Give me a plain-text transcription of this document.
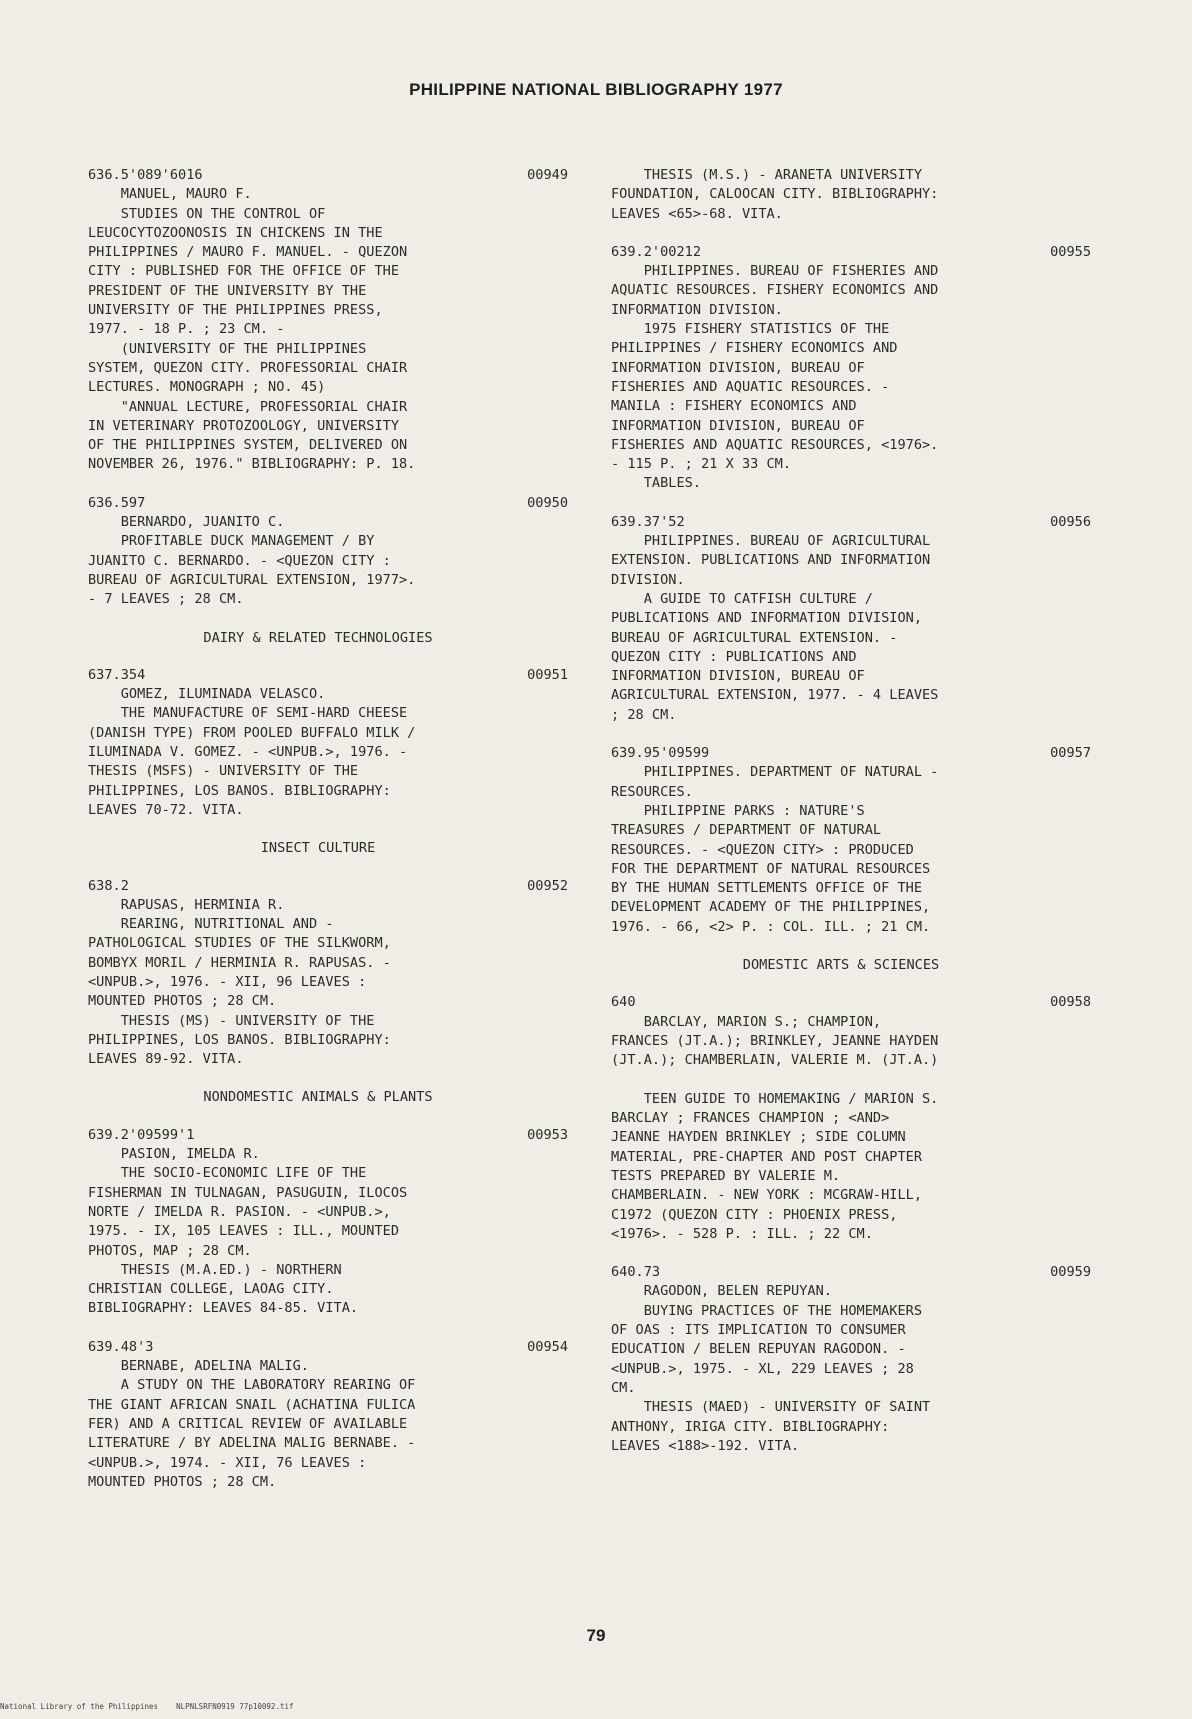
PHILIPPINE NATIONAL BIBLIOGRAPHY 1977
636.5'089'6016	00949
MANUEL, MAURO F.
STUDIES ON THE CONTROL OF
LEUCOCYTOZOONOSIS IN CHICKENS IN THE
PHILIPPINES / MAURO F. MANUEL. - QUEZON
CITY : PUBLISHED FOR THE OFFICE OF THE
PRESIDENT OF THE UNIVERSITY BY THE
UNIVERSITY OF THE PHILIPPINES PRESS,
1977. - 18 P. ; 23 CM. -
(UNIVERSITY OF THE PHILIPPINES
SYSTEM, QUEZON CITY. PROFESSORIAL CHAIR
LECTURES. MONOGRAPH ; NO. 45)
"ANNUAL LECTURE, PROFESSORIAL CHAIR
IN VETERINARY PROTOZOOLOGY, UNIVERSITY
OF THE PHILIPPINES SYSTEM, DELIVERED ON
NOVEMBER 26, 1976." BIBLIOGRAPHY: P. 18.
636.597	00950
BERNARDO, JUANITO C.
PROFITABLE DUCK MANAGEMENT / BY
JUANITO C. BERNARDO. - <QUEZON CITY :
BUREAU OF AGRICULTURAL EXTENSION, 1977>.
- 7 LEAVES ; 28 CM.
DAIRY & RELATED TECHNOLOGIES
637.354	00951
GOMEZ, ILUMINADA VELASCO.
THE MANUFACTURE OF SEMI-HARD CHEESE
(DANISH TYPE) FROM POOLED BUFFALO MILK /
ILUMINADA V. GOMEZ. - <UNPUB.>, 1976. -
THESIS (MSFS) - UNIVERSITY OF THE
PHILIPPINES, LOS BANOS. BIBLIOGRAPHY:
LEAVES 70-72. VITA.
INSECT CULTURE
638.2	00952
RAPUSAS, HERMINIA R.
REARING, NUTRITIONAL AND -
PATHOLOGICAL STUDIES OF THE SILKWORM,
BOMBYX MORIL / HERMINIA R. RAPUSAS. -
<UNPUB.>, 1976. - XII, 96 LEAVES :
MOUNTED PHOTOS ; 28 CM.
THESIS (MS) - UNIVERSITY OF THE
PHILIPPINES, LOS BANOS. BIBLIOGRAPHY:
LEAVES 89-92. VITA.
NONDOMESTIC ANIMALS & PLANTS
639.2'09599'1	00953
PASION, IMELDA R.
THE SOCIO-ECONOMIC LIFE OF THE
FISHERMAN IN TULNAGAN, PASUGUIN, ILOCOS
NORTE / IMELDA R. PASION. - <UNPUB.>,
1975. - IX, 105 LEAVES : ILL., MOUNTED
PHOTOS, MAP ; 28 CM.
THESIS (M.A.ED.) - NORTHERN
CHRISTIAN COLLEGE, LAOAG CITY.
BIBLIOGRAPHY: LEAVES 84-85. VITA.
639.48'3	00954
BERNABE, ADELINA MALIG.
A STUDY ON THE LABORATORY REARING OF
THE GIANT AFRICAN SNAIL (ACHATINA FULICA
FER) AND A CRITICAL REVIEW OF AVAILABLE
LITERATURE / BY ADELINA MALIG BERNABE. -
<UNPUB.>, 1974. - XII, 76 LEAVES :
MOUNTED PHOTOS ; 28 CM.
THESIS (M.S.) - ARANETA UNIVERSITY
FOUNDATION, CALOOCAN CITY. BIBLIOGRAPHY:
LEAVES <65>-68. VITA.
639.2'00212	00955
PHILIPPINES. BUREAU OF FISHERIES AND
AQUATIC RESOURCES. FISHERY ECONOMICS AND
INFORMATION DIVISION.
1975 FISHERY STATISTICS OF THE
PHILIPPINES / FISHERY ECONOMICS AND
INFORMATION DIVISION, BUREAU OF
FISHERIES AND AQUATIC RESOURCES. -
MANILA : FISHERY ECONOMICS AND
INFORMATION DIVISION, BUREAU OF
FISHERIES AND AQUATIC RESOURCES, <1976>.
- 115 P. ; 21 X 33 CM.
TABLES.
639.37'52	00956
PHILIPPINES. BUREAU OF AGRICULTURAL
EXTENSION. PUBLICATIONS AND INFORMATION
DIVISION.
A GUIDE TO CATFISH CULTURE /
PUBLICATIONS AND INFORMATION DIVISION,
BUREAU OF AGRICULTURAL EXTENSION. -
QUEZON CITY : PUBLICATIONS AND
INFORMATION DIVISION, BUREAU OF
AGRICULTURAL EXTENSION, 1977. - 4 LEAVES
; 28 CM.
639.95'09599	00957
PHILIPPINES. DEPARTMENT OF NATURAL -
RESOURCES.
PHILIPPINE PARKS : NATURE'S
TREASURES / DEPARTMENT OF NATURAL
RESOURCES. - <QUEZON CITY> : PRODUCED
FOR THE DEPARTMENT OF NATURAL RESOURCES
BY THE HUMAN SETTLEMENTS OFFICE OF THE
DEVELOPMENT ACADEMY OF THE PHILIPPINES,
1976. - 66, <2> P. : COL. ILL. ; 21 CM.
DOMESTIC ARTS & SCIENCES
640	00958
BARCLAY, MARION S.; CHAMPION,
FRANCES (JT.A.); BRINKLEY, JEANNE HAYDEN
(JT.A.); CHAMBERLAIN, VALERIE M. (JT.A.)
TEEN GUIDE TO HOMEMAKING / MARION S.
BARCLAY ; FRANCES CHAMPION ; <AND>
JEANNE HAYDEN BRINKLEY ; SIDE COLUMN
MATERIAL, PRE-CHAPTER AND POST CHAPTER
TESTS PREPARED BY VALERIE M.
CHAMBERLAIN. - NEW YORK : MCGRAW-HILL,
C1972 (QUEZON CITY : PHOENIX PRESS,
<1976>. - 528 P. : ILL. ; 22 CM.
640.73	00959
RAGODON, BELEN REPUYAN.
BUYING PRACTICES OF THE HOMEMAKERS
OF OAS : ITS IMPLICATION TO CONSUMER
EDUCATION / BELEN REPUYAN RAGODON. -
<UNPUB.>, 1975. - XL, 229 LEAVES ; 28
CM.
THESIS (MAED) - UNIVERSITY OF SAINT
ANTHONY, IRIGA CITY. BIBLIOGRAPHY:
LEAVES <188>-192. VITA.
79
National Library of the Philippines    NLPNLSRFN0919 77p10092.tif
